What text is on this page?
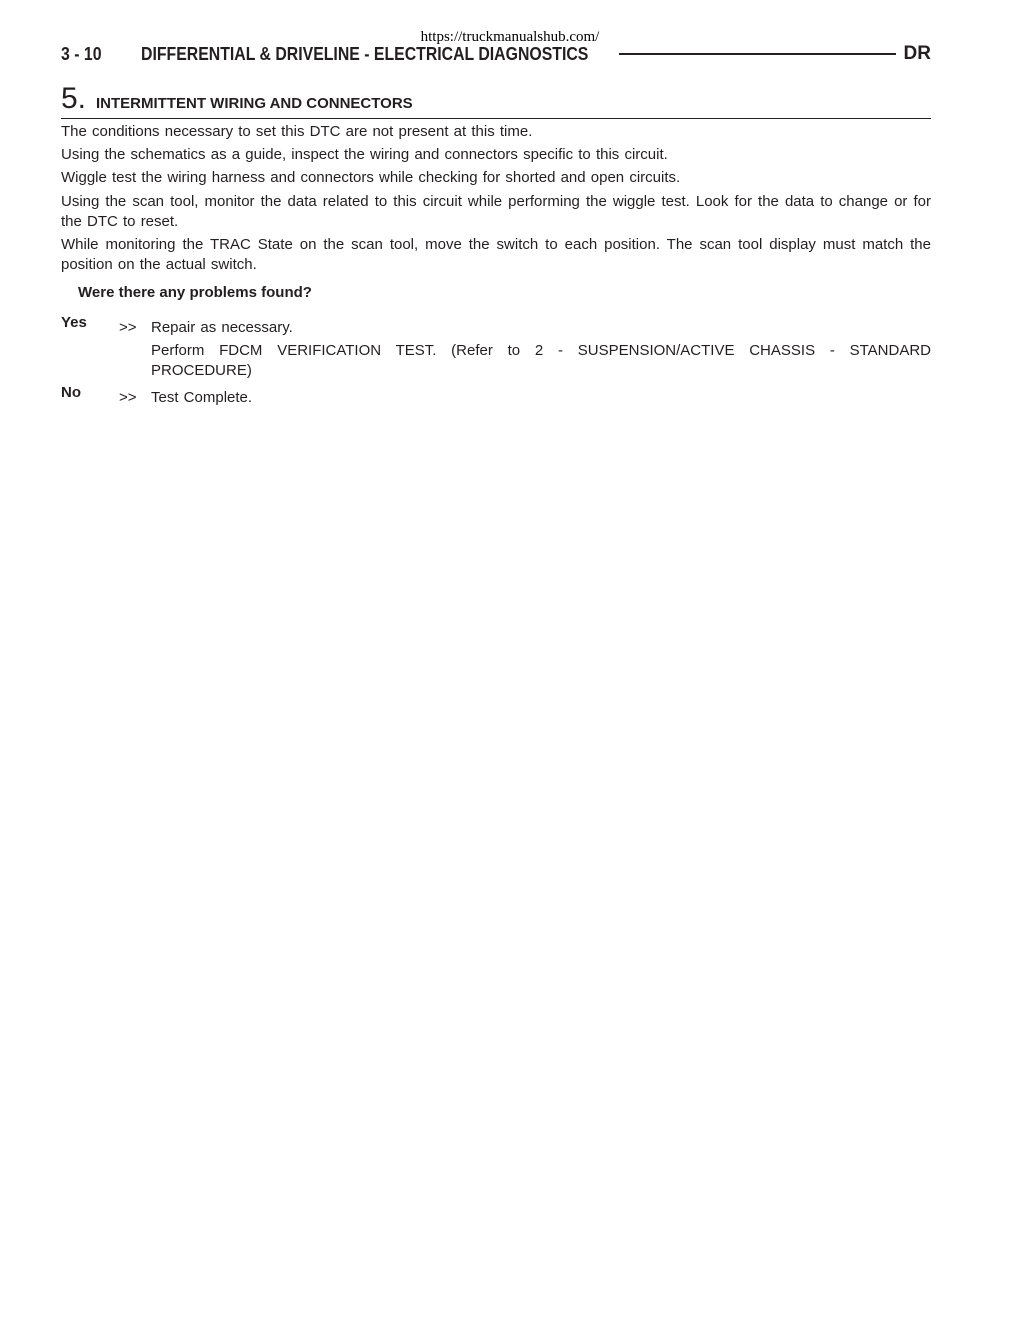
https://truckmanualshub.com/
3 - 10	DIFFERENTIAL & DRIVELINE - ELECTRICAL DIAGNOSTICS	DR
5. INTERMITTENT WIRING AND CONNECTORS
The conditions necessary to set this DTC are not present at this time.
Using the schematics as a guide, inspect the wiring and connectors specific to this circuit.
Wiggle test the wiring harness and connectors while checking for shorted and open circuits.
Using the scan tool, monitor the data related to this circuit while performing the wiggle test. Look for the data to change or for the DTC to reset.
While monitoring the TRAC State on the scan tool, move the switch to each position. The scan tool display must match the position on the actual switch.
Were there any problems found?
Yes >> Repair as necessary.
Perform FDCM VERIFICATION TEST. (Refer to 2 - SUSPENSION/ACTIVE CHASSIS - STANDARD PROCEDURE)
No	>> Test Complete.
